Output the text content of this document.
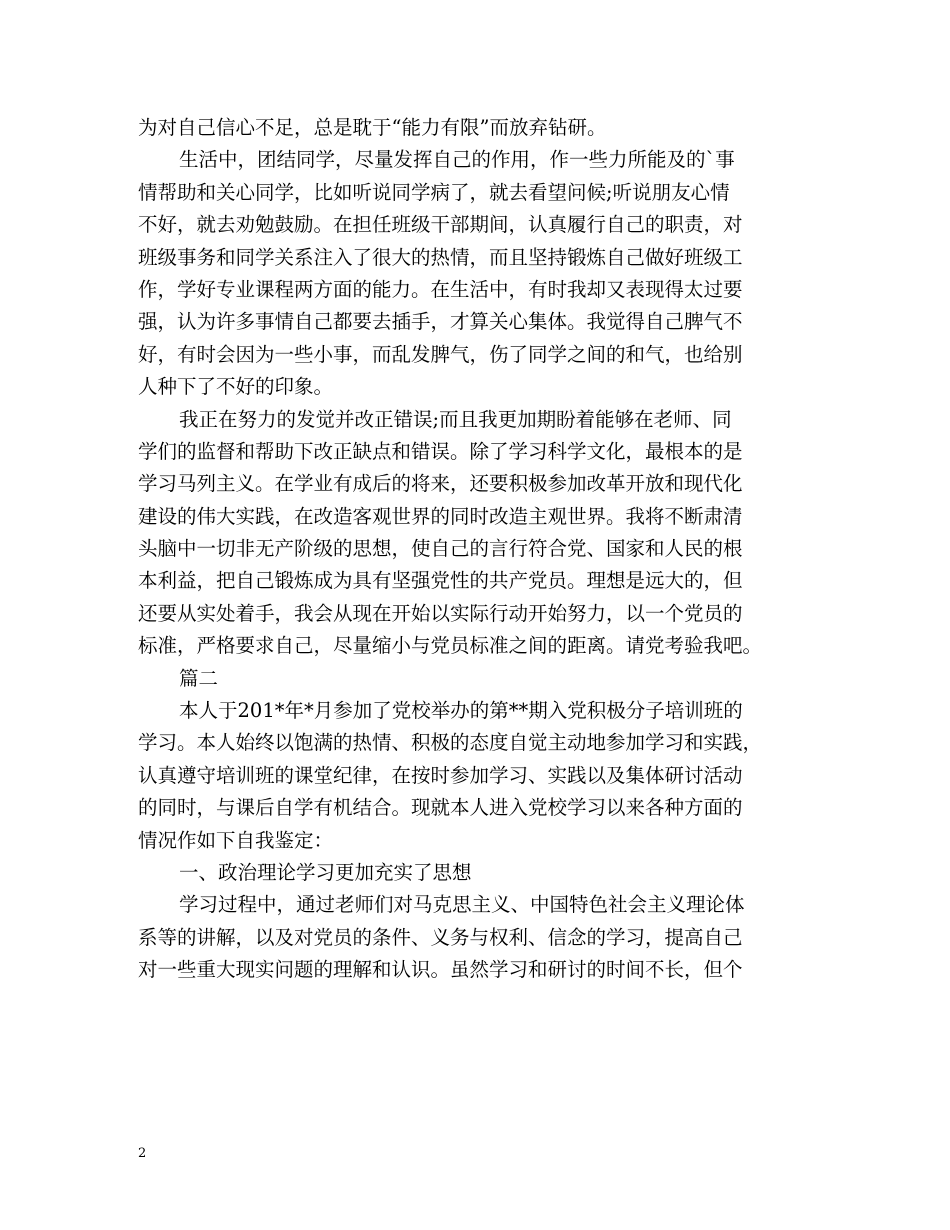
为对自己信心不足，总是耽于“能力有限”而放弃钻研。
生活中，团结同学，尽量发挥自己的作用，作一些力所能及的`事
情帮助和关心同学，比如听说同学病了，就去看望问候;听说朋友心情
不好，就去劝勉鼓励。在担任班级干部期间，认真履行自己的职责，对
班级事务和同学关系注入了很大的热情，而且坚持锻炼自己做好班级工
作，学好专业课程两方面的能力。在生活中，有时我却又表现得太过要
强，认为许多事情自己都要去插手，才算关心集体。我觉得自己脾气不
好，有时会因为一些小事，而乱发脾气，伤了同学之间的和气，也给别
人种下了不好的印象。
我正在努力的发觉并改正错误;而且我更加期盼着能够在老师、同
学们的监督和帮助下改正缺点和错误。除了学习科学文化，最根本的是
学习马列主义。在学业有成后的将来，还要积极参加改革开放和现代化
建设的伟大实践，在改造客观世界的同时改造主观世界。我将不断肃清
头脑中一切非无产阶级的思想，使自己的言行符合党、国家和人民的根
本利益，把自己锻炼成为具有坚强党性的共产党员。理想是远大的，但
还要从实处着手，我会从现在开始以实际行动开始努力，以一个党员的
标准，严格要求自己，尽量缩小与党员标准之间的距离。请党考验我吧。
篇二
本人于201*年*月参加了党校举办的第**期入党积极分子培训班的
学习。本人始终以饱满的热情、积极的态度自觉主动地参加学习和实践，
认真遵守培训班的课堂纪律，在按时参加学习、实践以及集体研讨活动
的同时，与课后自学有机结合。现就本人进入党校学习以来各种方面的
情况作如下自我鉴定：
一、政治理论学习更加充实了思想
学习过程中，通过老师们对马克思主义、中国特色社会主义理论体
系等的讲解，以及对党员的条件、义务与权利、信念的学习，提高自己
对一些重大现实问题的理解和认识。虽然学习和研讨的时间不长，但个
2
